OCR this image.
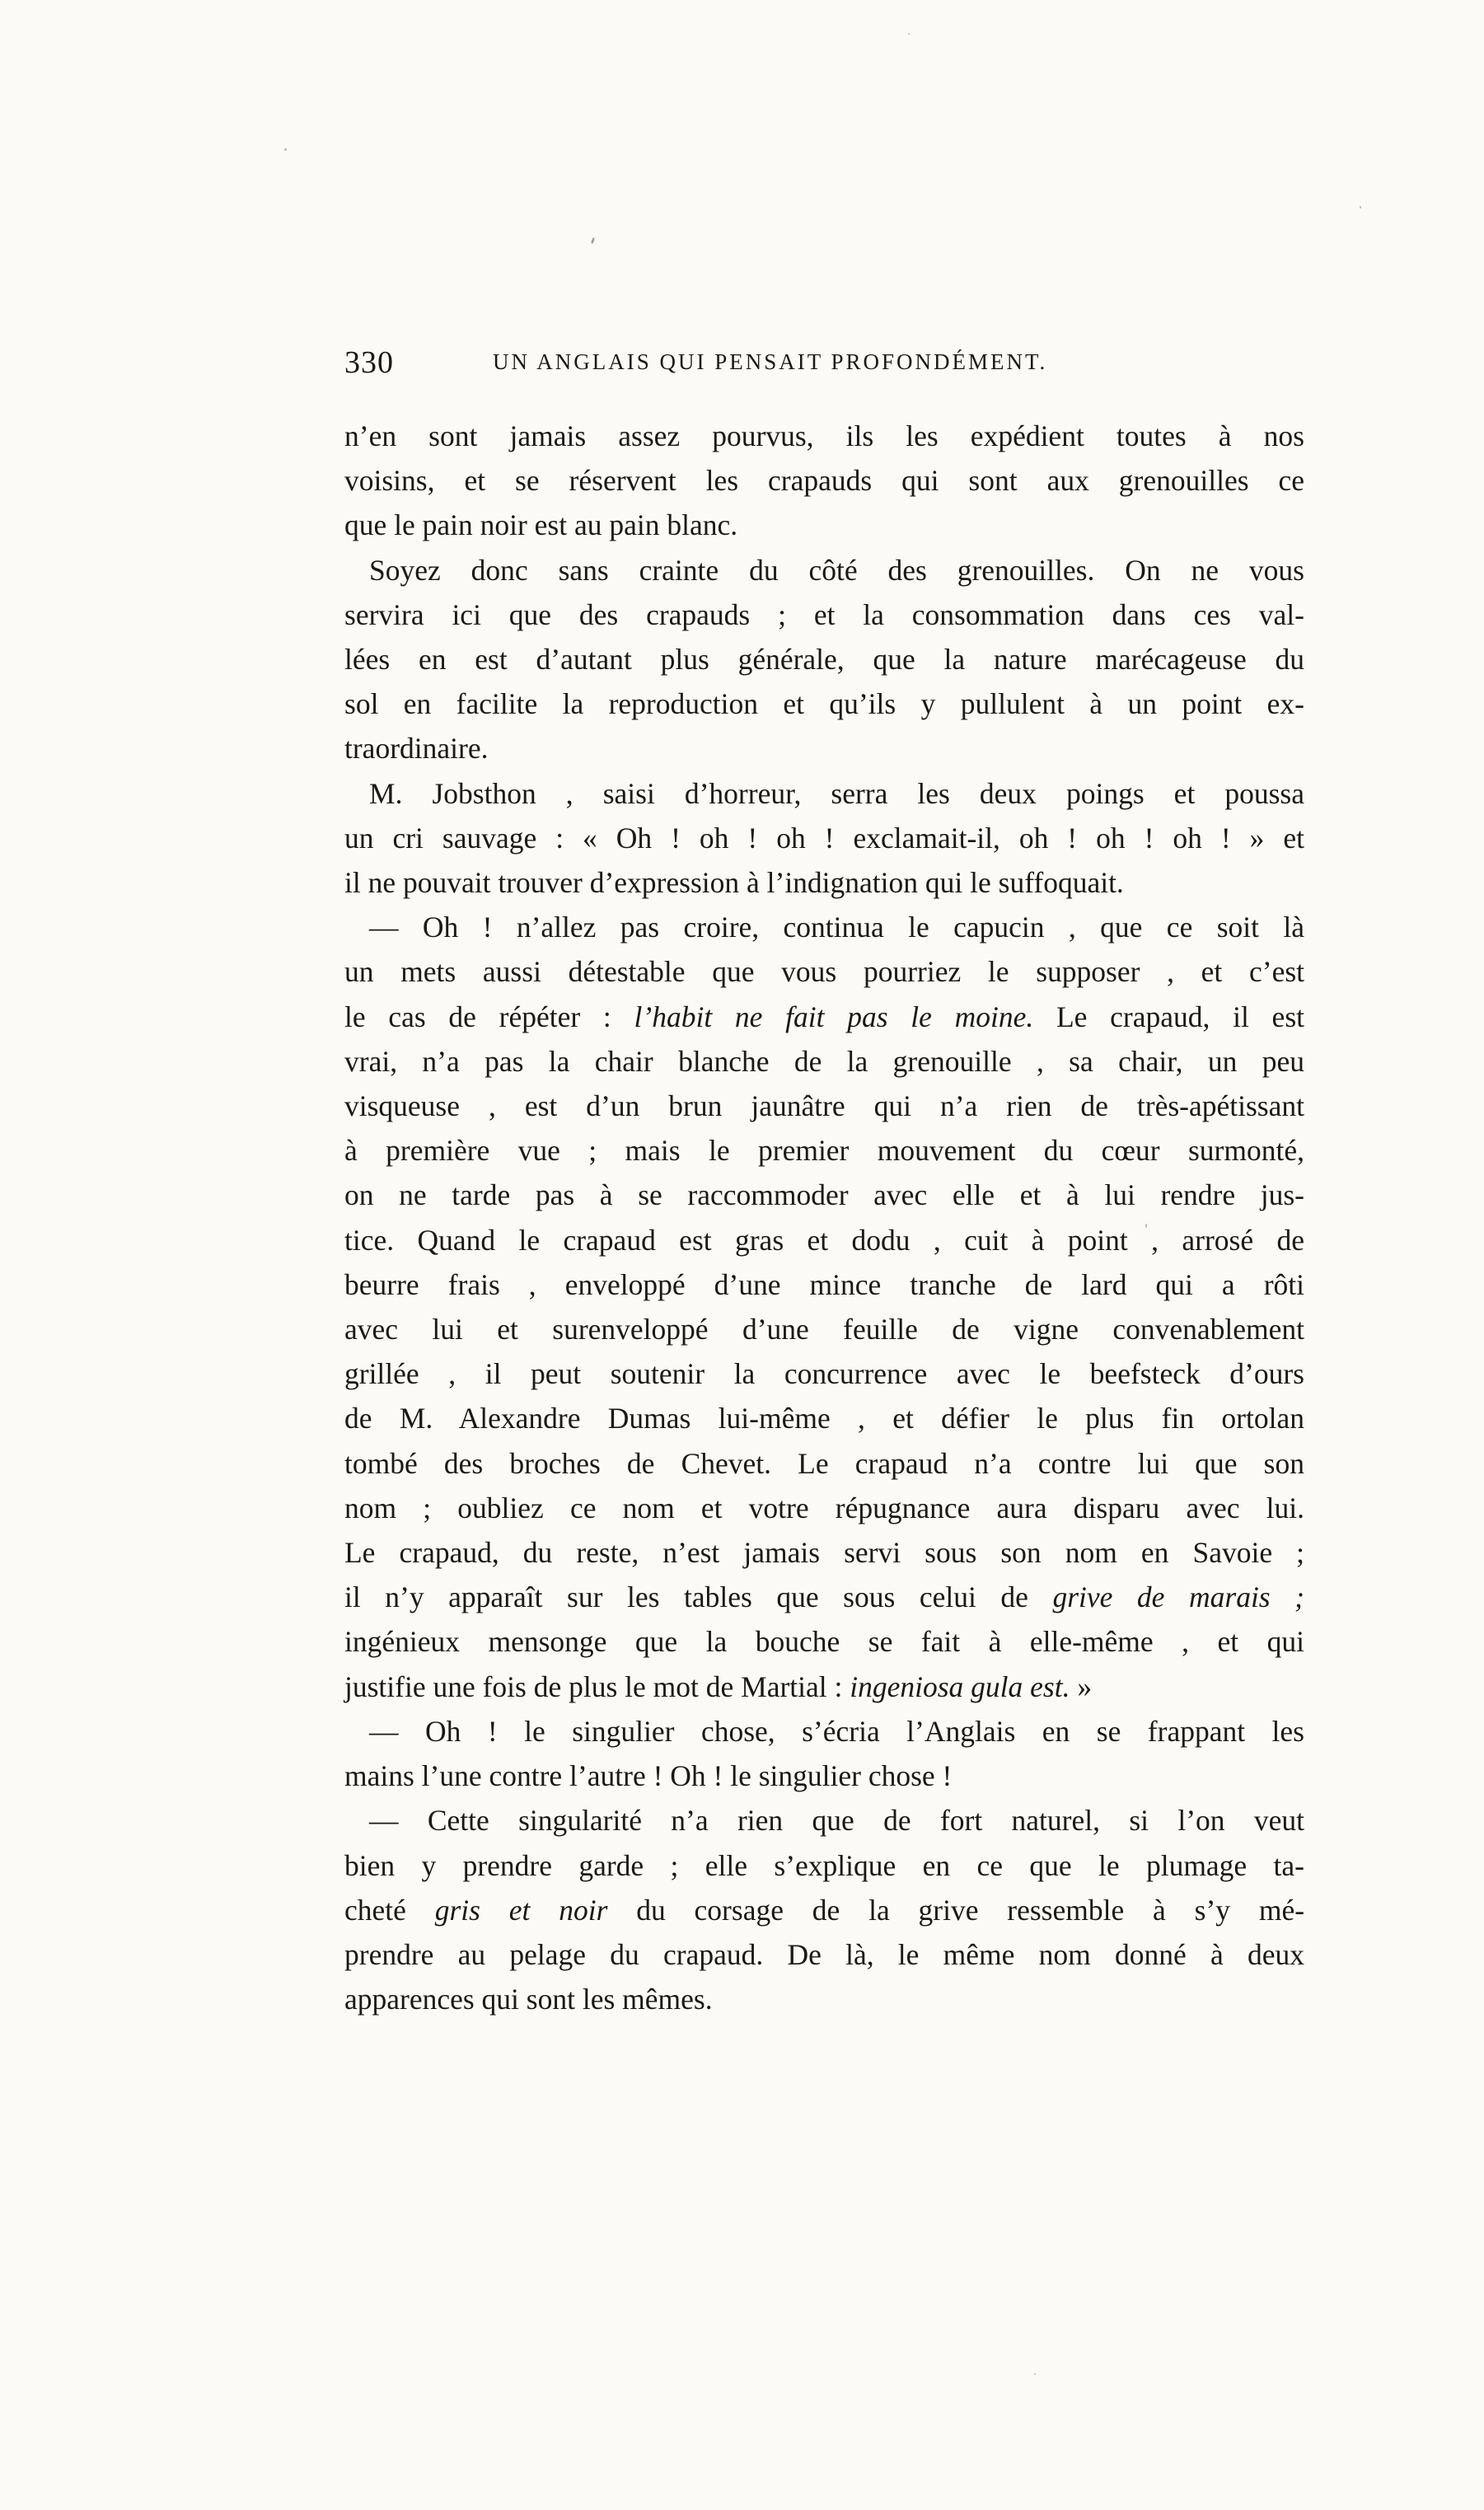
330	UN ANGLAIS QUI PENSAIT PROFONDÉMENT.

n’en sont jamais assez pourvus, ils les expédient toutes à nos
voisins, et se réservent les crapauds qui sont aux grenouilles ce
que le pain noir est au pain blanc.

Soyez donc sans crainte du côté des grenouilles. On ne vous
servira ici que des crapauds ; et la consommation dans ces val-
lées en est d’autant plus générale, que la nature marécageuse du
sol en facilite la reproduction et qu’ils y pullulent à un point ex-
traordinaire.

M. Jobsthon , saisi d’horreur, serra les deux poings et poussa
un cri sauvage : « Oh ! oh ! oh ! exclamait-il, oh ! oh ! oh ! » et
il ne pouvait trouver d’expression à l’indignation qui le suffoquait.

— Oh ! n’allez pas croire, continua le capucin , que ce soit là
un mets aussi détestable que vous pourriez le supposer , et c’est
le cas de répéter : l’habit ne fait pas le moine. Le crapaud, il est
vrai, n’a pas la chair blanche de la grenouille , sa chair, un peu
visqueuse , est d’un brun jaunâtre qui n’a rien de très-apétissant
à première vue ; mais le premier mouvement du cœur surmonté,
on ne tarde pas à se raccommoder avec elle et à lui rendre jus-
tice. Quand le crapaud est gras et dodu , cuit à point , arrosé de
beurre frais , enveloppé d’une mince tranche de lard qui a rôti
avec lui et surenveloppé d’une feuille de vigne convenablement
grillée , il peut soutenir la concurrence avec le beefsteck d’ours
de M. Alexandre Dumas lui-même , et défier le plus fin ortolan
tombé des broches de Chevet. Le crapaud n’a contre lui que son
nom ; oubliez ce nom et votre répugnance aura disparu avec lui.
Le crapaud, du reste, n’est jamais servi sous son nom en Savoie ;
il n’y apparaît sur les tables que sous celui de grive de marais ;
ingénieux mensonge que la bouche se fait à elle-même , et qui
justifie une fois de plus le mot de Martial : ingeniosa gula est. »

— Oh ! le singulier chose, s’écria l’Anglais en se frappant les
mains l’une contre l’autre ! Oh ! le singulier chose !

— Cette singularité n’a rien que de fort naturel, si l’on veut
bien y prendre garde ; elle s’explique en ce que le plumage ta-
cheté gris et noir du corsage de la grive ressemble à s’y mé-
prendre au pelage du crapaud. De là, le même nom donné à deux
apparences qui sont les mêmes.
